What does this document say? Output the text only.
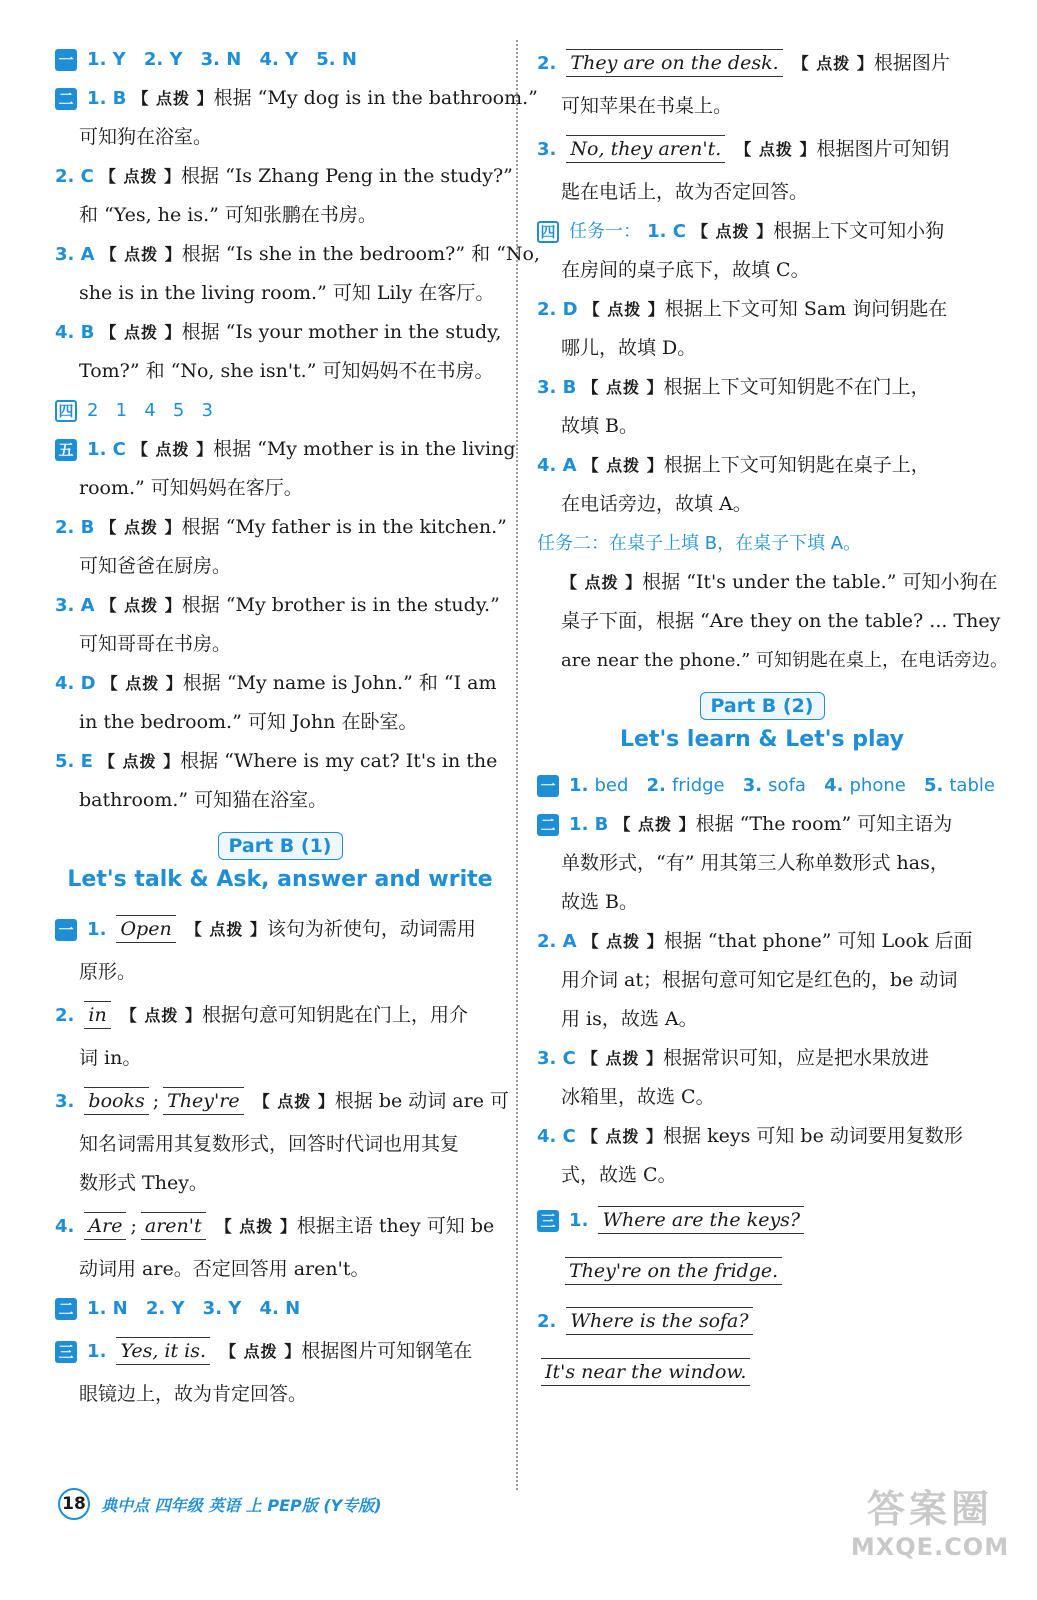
一 1. Y 2. Y 3. N 4. Y 5. N
二 1. B 【 点拨 】根据 “My dog is in the bathroom.”
可知狗在浴室。
2. C 【 点拨 】根据 “Is Zhang Peng in the study?”
和 “Yes, he is.” 可知张鹏在书房。
3. A 【 点拨 】根据 “Is she in the bedroom?” 和 “No,
she is in the living room.” 可知 Lily 在客厅。
4. B 【 点拨 】根据 “Is your mother in the study,
Tom?” 和 “No, she isn't.” 可知妈妈不在书房。
四 2   1   4   5   3
五 1. C 【 点拨 】根据 “My mother is in the living
room.” 可知妈妈在客厅。
2. B 【 点拨 】根据 “My father is in the kitchen.”
可知爸爸在厨房。
3. A 【 点拨 】根据 “My brother is in the study.”
可知哥哥在书房。
4. D 【 点拨 】根据 “My name is John.” 和 “I am
in the bedroom.” 可知 John 在卧室。
5. E 【 点拨 】根据 “Where is my cat? It's in the
bathroom.” 可知猫在浴室。
Part B (1)
Let's talk & Ask, answer and write
一 1. Open 【 点拨 】该句为祈使句，动词需用
原形。
2. in 【 点拨 】根据句意可知钥匙在门上，用介
词 in。
3. books ; They're 【 点拨 】根据 be 动词 are 可
知名词需用其复数形式，回答时代词也用其复
数形式 They。
4. Are ; aren't 【 点拨 】根据主语 they 可知 be
动词用 are。否定回答用 aren't。
二 1. N 2. Y 3. Y 4. N
三 1. Yes, it is. 【 点拨 】根据图片可知钢笔在
眼镜边上，故为肯定回答。
2. They are on the desk. 【 点拨 】根据图片
可知苹果在书桌上。
3. No, they aren't. 【 点拨 】根据图片可知钥
匙在电话上，故为否定回答。
四 任务一： 1. C 【 点拨 】根据上下文可知小狗
在房间的桌子底下，故填 C。
2. D 【 点拨 】根据上下文可知 Sam 询问钥匙在
哪儿，故填 D。
3. B 【 点拨 】根据上下文可知钥匙不在门上，
故填 B。
4. A 【 点拨 】根据上下文可知钥匙在桌子上，
在电话旁边，故填 A。
任务二：在桌子上填 B，在桌子下填 A。
【 点拨 】根据 “It's under the table.” 可知小狗在
桌子下面，根据 “Are they on the table? ... They
are near the phone.” 可知钥匙在桌上，在电话旁边。
Part B (2)
Let's learn & Let's play
一 1. bed 2. fridge 3. sofa 4. phone 5. table
二 1. B 【 点拨 】根据 “The room” 可知主语为
单数形式，“有” 用其第三人称单数形式 has，
故选 B。
2. A 【 点拨 】根据 “that phone” 可知 Look 后面
用介词 at；根据句意可知它是红色的，be 动词
用 is，故选 A。
3. C 【 点拨 】根据常识可知，应是把水果放进
冰箱里，故选 C。
4. C 【 点拨 】根据 keys 可知 be 动词要用复数形
式，故选 C。
三 1. Where are the keys?
They're on the fridge.
2. Where is the sofa?
It's near the window.
18 典中点 四年级 英语 上 PEP版 (Y专版)	答案圈
MXQE.COM
